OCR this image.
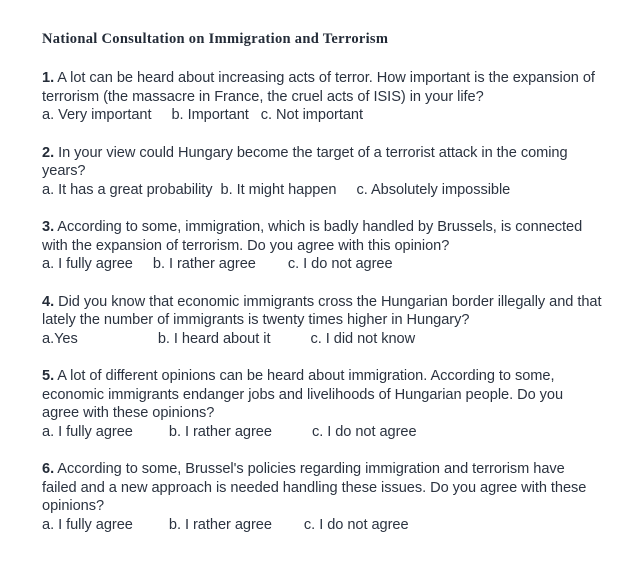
National Consultation on Immigration and Terrorism

1. A lot can be heard about increasing acts of terror. How important is the expansion of terrorism (the massacre in France, the cruel acts of ISIS) in your life?

a. Very important     b. Important   c. Not important

2. In your view could Hungary become the target of a terrorist attack in the coming years?

a. It has a great probability  b. It might happen     c. Absolutely impossible

3. According to some, immigration, which is badly handled by Brussels, is connected with the expansion of terrorism. Do you agree with this opinion?

a. I fully agree     b. I rather agree        c. I do not agree

4. Did you know that economic immigrants cross the Hungarian border illegally and that lately the number of immigrants is twenty times higher in Hungary?

a.Yes                    b. I heard about it          c. I did not know

5. A lot of different opinions can be heard about immigration. According to some, economic immigrants endanger jobs and livelihoods of Hungarian people. Do you agree with these opinions?

a. I fully agree         b. I rather agree          c. I do not agree

6. According to some, Brussel's policies regarding immigration and terrorism have failed and a new approach is needed handling these issues. Do you agree with these opinions?

a. I fully agree         b. I rather agree        c. I do not agree
